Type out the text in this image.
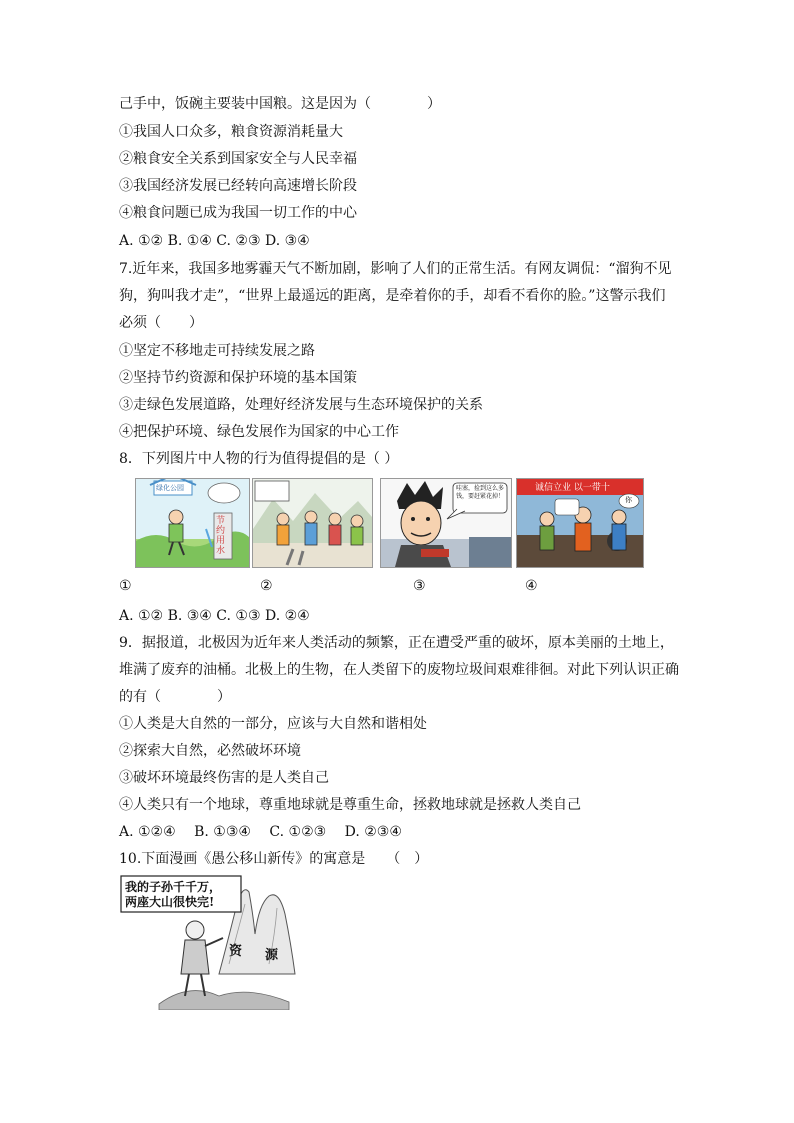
己手中，饭碗主要装中国粮。这是因为（　　　　）
①我国人口众多，粮食资源消耗量大
②粮食安全关系到国家安全与人民幸福
③我国经济发展已经转向高速增长阶段
④粮食问题已成为我国一切工作的中心
A. ①② B. ①④ C. ②③ D. ③④
7.近年来，我国多地雾霾天气不断加剧，影响了人们的正常生活。有网友调侃：“溜狗不见
狗，狗叫我才走”，“世界上最遥远的距离，是牵着你的手，却看不看你的脸。”这警示我们
必须（　　）
①坚定不移地走可持续发展之路
②坚持节约资源和保护环境的基本国策
③走绿色发展道路，处理好经济发展与生态环境保护的关系
④把保护环境、绿色发展作为国家的中心工作
8．下列图片中人物的行为值得提倡的是（ ）
绿化公园
节约用水
哇塞，捡到这么多钱，要赶紧花掉！
诚信立业 以一带十
你
①	②	③	④
A. ①② B. ③④ C. ①③ D. ②④
9．据报道，北极因为近年来人类活动的频繁，正在遭受严重的破坏，原本美丽的土地上，
堆满了废弃的油桶。北极上的生物，在人类留下的废物垃圾间艰难徘徊。对此下列认识正确
的有（　　　　）
①人类是大自然的一部分，应该与大自然和谐相处
②探索大自然，必然破坏环境
③破坏环境最终伤害的是人类自己
④人类只有一个地球，尊重地球就是尊重生命，拯救地球就是拯救人类自己
A. ①②④　 B. ①③④　 C. ①②③　 D. ②③④
10.下面漫画《愚公移山新传》的寓意是　　（　）
我的子孙千千万，
两座大山很快完!
资 源
